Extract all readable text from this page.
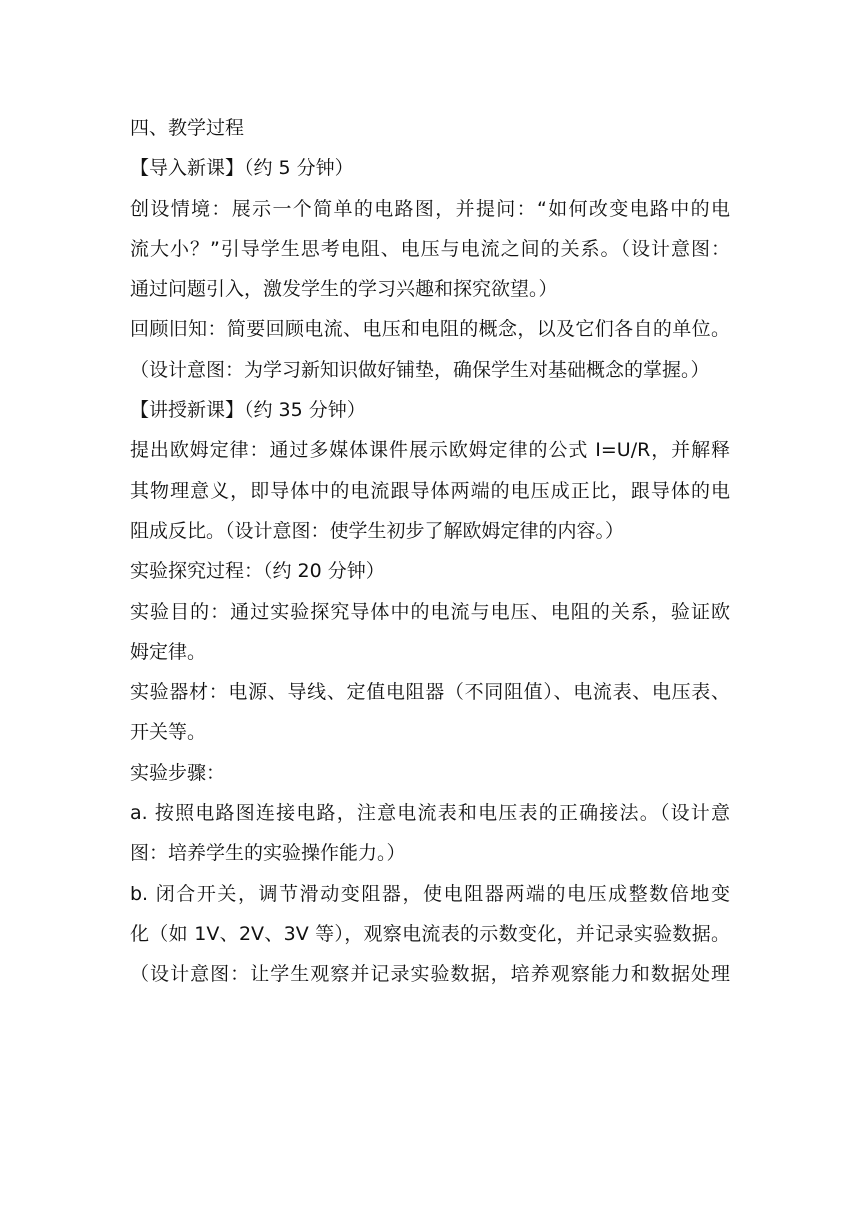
四、教学过程
【导入新课】（约 5 分钟）
创设情境：展示一个简单的电路图，并提问：“如何改变电路中的电
流大小？”引导学生思考电阻、电压与电流之间的关系。（设计意图：
通过问题引入，激发学生的学习兴趣和探究欲望。）
回顾旧知：简要回顾电流、电压和电阻的概念，以及它们各自的单位。
（设计意图：为学习新知识做好铺垫，确保学生对基础概念的掌握。）
【讲授新课】（约 35 分钟）
提出欧姆定律：通过多媒体课件展示欧姆定律的公式 I=U/R，并解释
其物理意义，即导体中的电流跟导体两端的电压成正比，跟导体的电
阻成反比。（设计意图：使学生初步了解欧姆定律的内容。）
实验探究过程：（约 20 分钟）
实验目的：通过实验探究导体中的电流与电压、电阻的关系，验证欧
姆定律。
实验器材：电源、导线、定值电阻器（不同阻值）、电流表、电压表、
开关等。
实验步骤：
a. 按照电路图连接电路，注意电流表和电压表的正确接法。（设计意
图：培养学生的实验操作能力。）
b. 闭合开关，调节滑动变阻器，使电阻器两端的电压成整数倍地变
化（如 1V、2V、3V 等），观察电流表的示数变化，并记录实验数据。
（设计意图：让学生观察并记录实验数据，培养观察能力和数据处理
